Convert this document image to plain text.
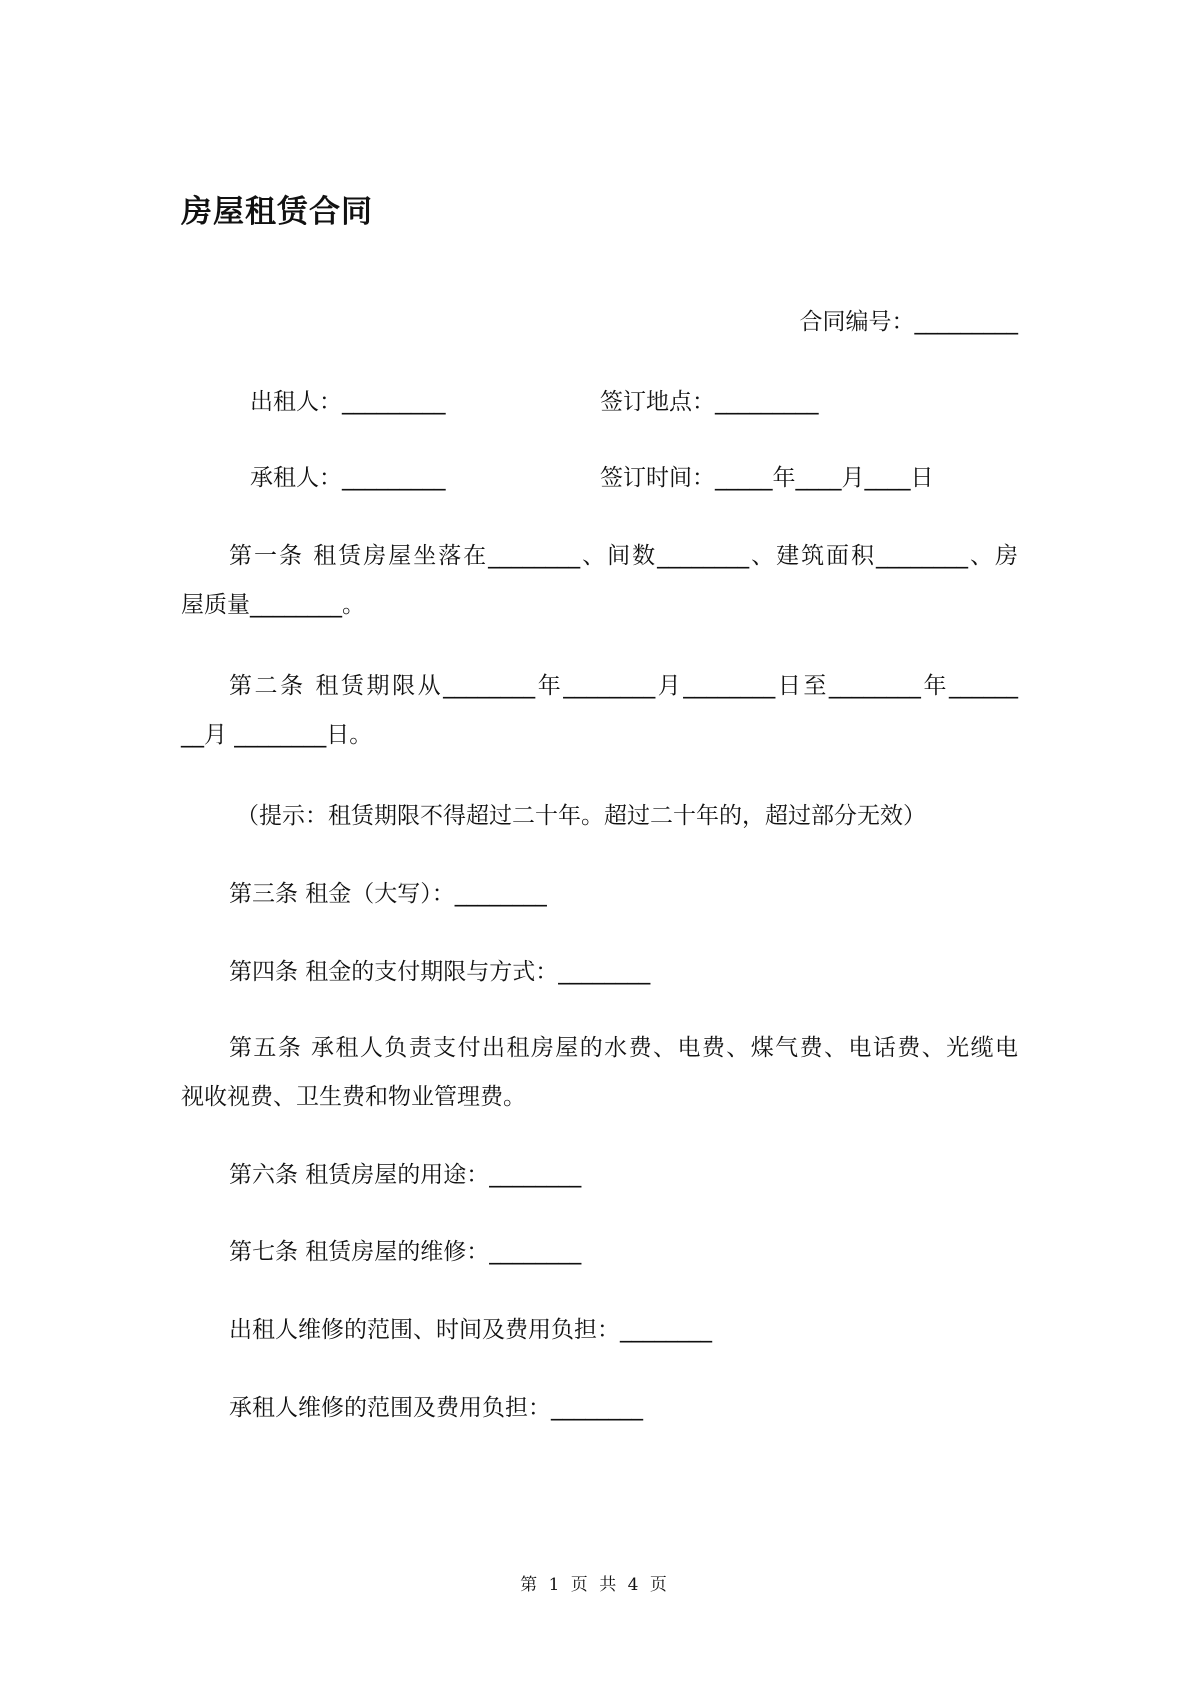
房屋租赁合同
合同编号：_________
出租人：_________	签订地点：_________
承租人：_________	签订时间：_____年____月____日
第一条 租赁房屋坐落在________、间数________、建筑面积________、房
屋质量________。
第二条 租赁期限从________年________月________日至________年______
__月 ________日。
（提示：租赁期限不得超过二十年。超过二十年的，超过部分无效）
第三条 租金（大写）：________
第四条 租金的支付期限与方式：________
第五条 承租人负责支付出租房屋的水费、电费、煤气费、电话费、光缆电
视收视费、卫生费和物业管理费。
第六条 租赁房屋的用途：________
第七条 租赁房屋的维修：________
出租人维修的范围、时间及费用负担：________
承租人维修的范围及费用负担：________
第 1 页 共 4 页
